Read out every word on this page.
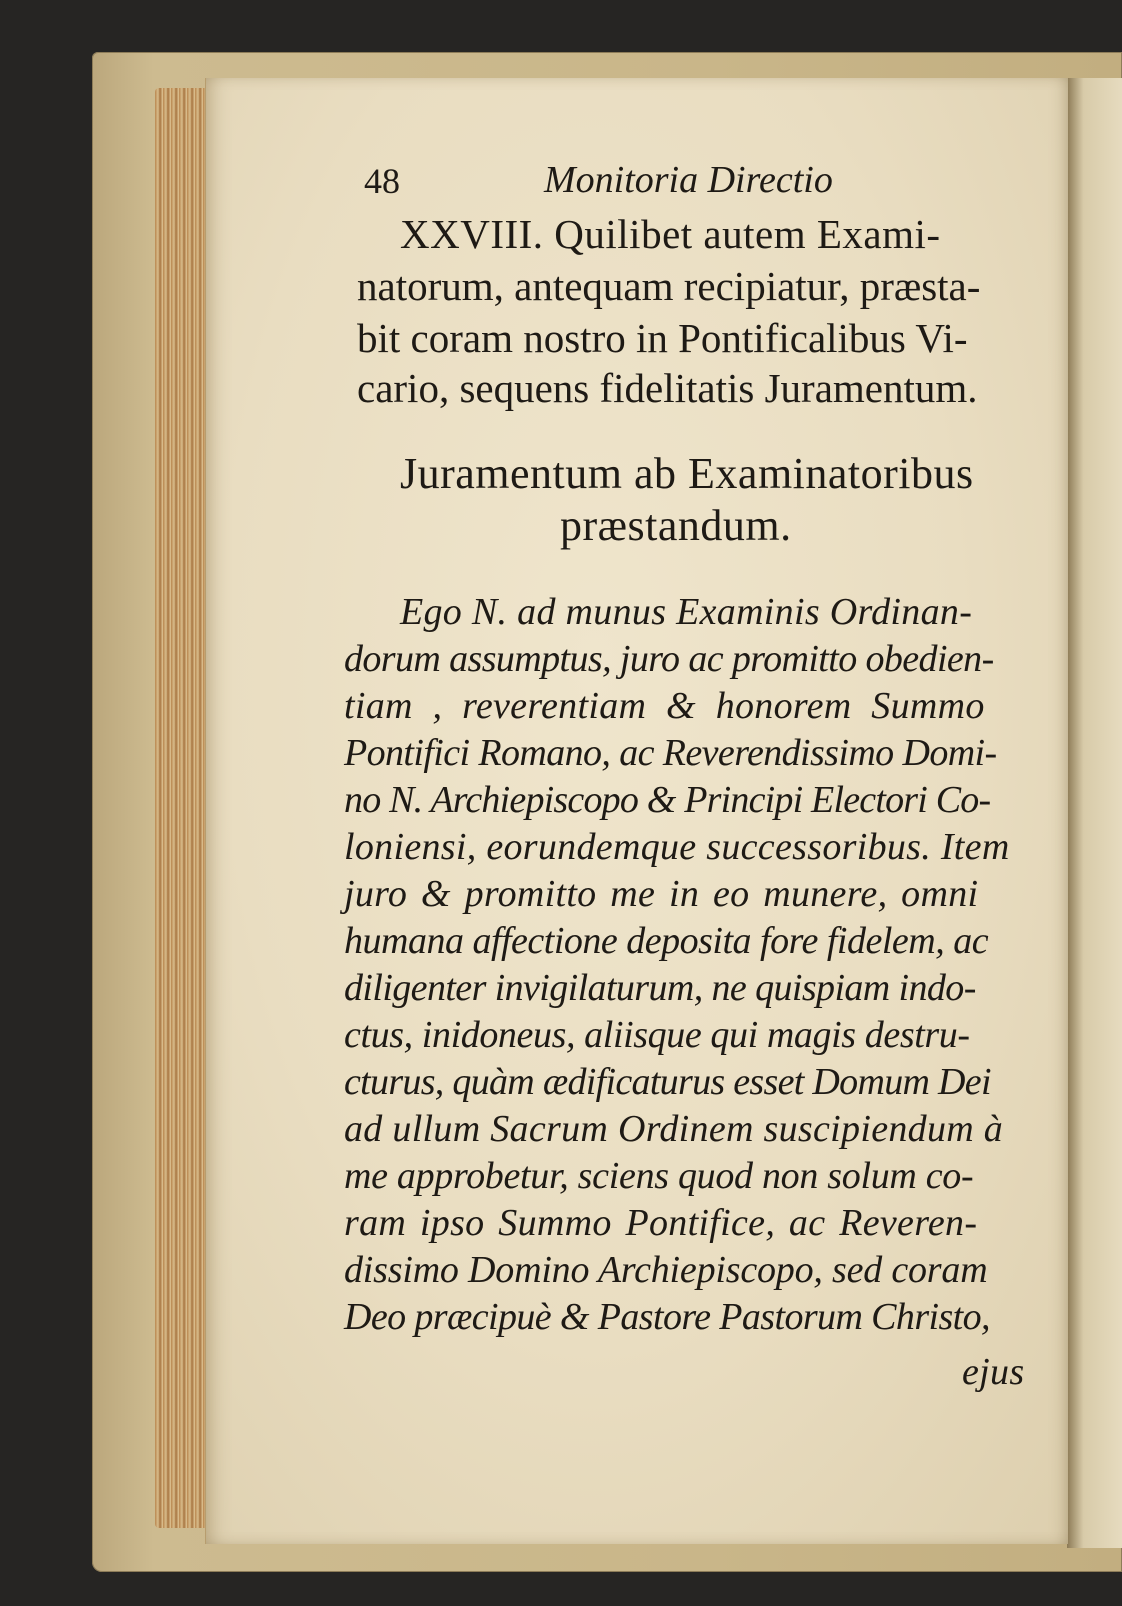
48	Monitoria Directio
XXVIII. Quilibet autem Exami-
natorum, antequam recipiatur, præsta-
bit coram nostro in Pontificalibus Vi-
cario, sequens fidelitatis Juramentum.
Juramentum ab Examinatoribus
præstandum.
Ego N. ad munus Examinis Ordinan-
dorum assumptus, juro ac promitto obedien-
tiam , reverentiam & honorem Summo
Pontifici Romano, ac Reverendissimo Domi-
no N. Archiepiscopo & Principi Electori Co-
loniensi, eorundemque successoribus. Item
juro & promitto me in eo munere, omni
humana affectione deposita fore fidelem, ac
diligenter invigilaturum, ne quispiam indo-
ctus, inidoneus, aliisque qui magis destru-
cturus, quàm ædificaturus esset Domum Dei
ad ullum Sacrum Ordinem suscipiendum à
me approbetur, sciens quod non solum co-
ram ipso Summo Pontifice, ac Reveren-
dissimo Domino Archiepiscopo, sed coram
Deo præcipuè & Pastore Pastorum Christo,
ejus
